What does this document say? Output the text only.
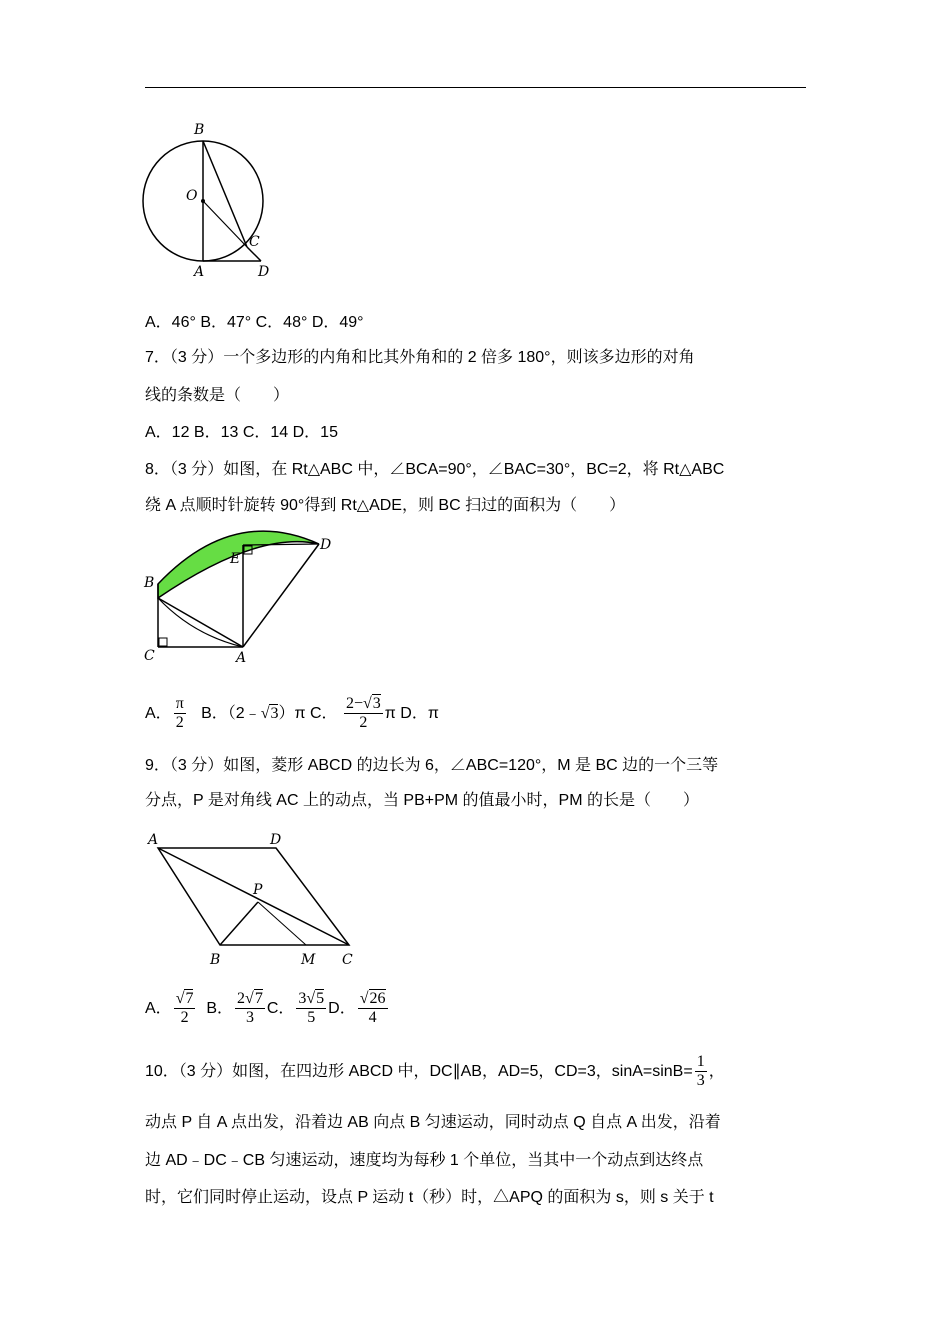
B
O
C
A	D
A．46° B．47° C．48° D．49°
7．（3 分）一个多边形的内角和比其外角和的 2 倍多 180°，则该多边形的对角
线的条数是（　　）
A．12 B．13 C．14 D．15
8．（3 分）如图，在 Rt△ABC 中，∠BCA=90°，∠BAC=30°，BC=2，将 Rt△ABC
绕 A 点顺时针旋转 90°得到 Rt△ADE，则 BC 扫过的面积为（　　）
B
E
D
C	A
A． $\frac{\pi}{2}$ B．（2﹣√3）π C． $\frac{2-√3}{2}$ π D．π
9．（3 分）如图，菱形 ABCD 的边长为 6，∠ABC=120°，M 是 BC 边的一个三等
分点，P 是对角线 AC 上的动点，当 PB+PM 的值最小时，PM 的长是（　　）
A	D
P
B	M C
A． $\frac{√7}{2}$ B． $\frac{2√7}{3}$ C． $\frac{3√5}{5}$ D． $\frac{√26}{4}$
10．（3 分）如图，在四边形 ABCD 中，DC∥AB，AD=5，CD=3，$\sin A=\sin B= \frac{1}{3}$ ，
动点 P 自 A 点出发，沿着边 AB 向点 B 匀速运动，同时动点 Q 自点 A 出发，沿着
边 AD﹣DC﹣CB 匀速运动，速度均为每秒 1 个单位，当其中一个动点到达终点
时，它们同时停止运动，设点 P 运动 t（秒）时，△APQ 的面积为 s，则 s 关于 t
